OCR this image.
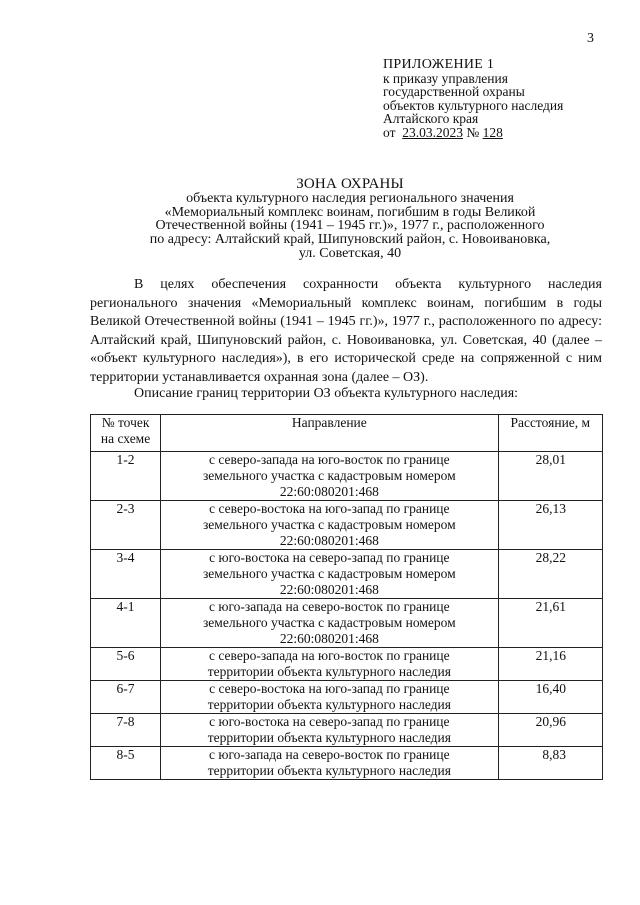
3
ПРИЛОЖЕНИЕ 1
к приказу управления
государственной охраны
объектов культурного наследия
Алтайского края
от 23.03.2023 № 128
ЗОНА ОХРАНЫ
объекта культурного наследия регионального значения
«Мемориальный комплекс воинам, погибшим в годы Великой
Отечественной войны (1941 – 1945 гг.)», 1977 г., расположенного
по адресу: Алтайский край, Шипуновский район, с. Новоивановка,
ул. Советская, 40

В целях обеспечения сохранности объекта культурного наследия регионального значения «Мемориальный комплекс воинам, погибшим в годы Великой Отечественной войны (1941 – 1945 гг.)», 1977 г., расположенного по адресу: Алтайский край, Шипуновский район, с. Новоивановка, ул. Советская, 40 (далее – «объект культурного наследия»), в его исторической среде на сопряженной с ним территории устанавливается охранная зона (далее – ОЗ).

Описание границ территории ОЗ объекта культурного наследия:

№ точек
на схеме	Направление	Расстояние, м
1-2	с северо-запада на юго-восток по границе
земельного участка с кадастровым номером
22:60:080201:468	28,01
2-3	с северо-востока на юго-запад по границе
земельного участка с кадастровым номером
22:60:080201:468	26,13
3-4	с юго-востока на северо-запад по границе
земельного участка с кадастровым номером
22:60:080201:468	28,22
4-1	с юго-запада на северо-восток по границе
земельного участка с кадастровым номером
22:60:080201:468	21,61
5-6	с северо-запада на юго-восток по границе
территории объекта культурного наследия	21,16
6-7	с северо-востока на юго-запад по границе
территории объекта культурного наследия	16,40
7-8	с юго-востока на северо-запад по границе
территории объекта культурного наследия	20,96
8-5	с юго-запада на северо-восток по границе
территории объекта культурного наследия	8,83
